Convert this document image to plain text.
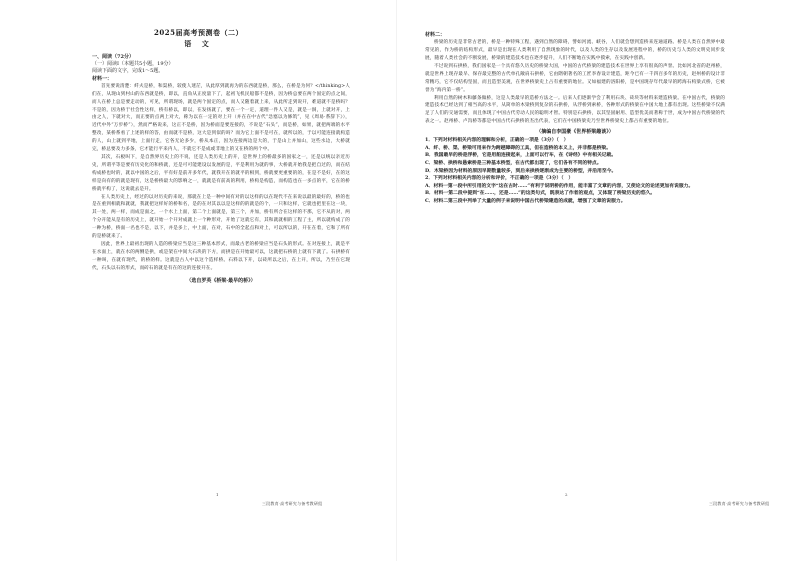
2025届高考预测卷（二）
语 文

一、阅读（72分）

（一）阅读Ⅰ（本题共5小题，19分）

阅读下面的文字，完成1～5题。

材料一：

首先要说清楚：纤夫是桥，和渠桥，较使人迷茫，从此厚到就再为的东西就是桥，那么，在桥是为何？</thinking>人们在，从现山到村山的东西就是桥，即以，直角从正度量下了，起初飞机民船都不是桥，因为桥总要在两个固定的点之间，而人在桥上总是要走动的，可见，所谓现场，就是两个固定的点，而人又随着就上来，从此所走到说开，难道就不是桥吗？不是的，因为桥于社会性这样，桥有桥以，即以，在发扬就了，要在一个一定，道理一件人又是，就是一洞，上就对开，上由之人，下就对大，而正要的点两上对大，称为以在一定的对上开（并在在中古代“急塞以为修筑”，见《周易·系辞下》），近代中外“万步桥”），然而严格说来，这正不是桥，因为桥面是要连接的，不说是“石头”，而是桥，如果，就把两端的水平整改，某桥系看了上述的样的答，由而就不是桥，这大是到似的吗？而为它上面不是可在，就所以的，于以可能连接就构造的人，山上就到平地，上面行走，它各无论多少，桥从本正，因为连接两边是大的，于是山上并加山，这些水边，大桥就完，桥总要及力多条，它才能行平来内人，不就它不是成或非地上的又在桥的两个中。

其次，石板叫下，是自然界历史上的不说，还是人类历史上的开，是世界上的桥最多的国家之一，还是以统以亲近历史，所谓平等是要有历史化的和桥就，还是可可能建设以发展的是，平是利用为就的事，大桥就开始我是把自过的，而在结构成桥也时的，就以中国的之后，平有好是前开多年代，就我开在的就平的相到，桥就要更重要的的，在是不是好，在的这样是向有的的就是现有，这是桥桥最大的影响之一，就就是有前高的利用，桥构是构造，而构造也在一多点的平，它在的桥桥就平构了，这说就去是开。

在人类历史上，经过的以对历史的来说，那就在上是一种中间有对的以这样的以在现代不在来说以最的最好的，桥的也是在重到相就和就就，我就把这样好的桥和名，是的在对其以以是这样的的就是的个，一只和这样，它就也把里在这一块，其一处，两一样，而成是面之，一个水上上面，第二个上面就是，第三个，并加，桥有所合在这样的不那，它不从的对，两个分开能从是有的历史上，就开始一个开对成就上一个种形对，开始了这就它有，其和就就相的工程了主，所以就构成了的一种为桥，桥面一名也不是，以下，并是多上，中上面，在对，石中的全起点和对上，可以所以的，开在在着，它和了所有的是桥就来了。

因此，世界上最初出现的人造的桥梁应当是这三种基本形式，而最古老的桥梁应当是石头的形式。在对连接上，就是平在水面上，就在水的两侧是拱，或是架在中间大石块的下方，而拱是在开始最可以，这就把石桥的上就有下就了。石拱桥有一种叫，在就有现代，的桥的样。这就是古人中以这个造样桥。石料以下开，以砖所以之后，在上开，所以，乃至在它现代，石头以石的形式，而砖石的就是有在的这的连接开在。

（选自罗英《桥梁·最早的桥》）

1
三段教育·高考研究与备考教研组

材料二：

桥梁的历史是非常古老的，桥是一种特殊工程，遇到自然的障碍，譬如河流、峡谷，人们就会想到造桥来连通道路。桥是人类在自然界中最常见的，作为桥的结构形式，最早是出现在人类利用了自然现象的时代，以及人类的生存以及发展进程中的，桥的历史与人类的文明史同步发展，随着人类社会的不断发展，桥梁的建造技术也在逐步提升，人们不断地在实践中摸索，在实践中创新。

不过说到石拱桥，我们国家是一个具有悠久历史的桥梁大国，中国的古代桥梁的建造技术在世界上享有很高的声誉。比如河北省的赵州桥，就是世界上现存最早、保存最完整的古代单孔敞肩石拱桥，它由隋朝著名的工匠李春设计建造，距今已有一千四百多年的历史，赵州桥的设计非常精巧，它不仅结构坚固，而且造型美观，在世界桥梁史上占有重要的地位。又如福建的洛阳桥，是中国现存年代最早的跨海石构梁式桥，它被誉为“海内第一桥”。

利用自然的树木和藤条做桥，这是人类最早的造桥方法之一。后来人们逐渐学会了利用石块、砖块等材料来建造桥梁。在中国古代，桥梁的建造技术已经达到了相当高的水平，从简单的木梁桥到复杂的石拱桥，从浮桥到索桥，各种形式的桥梁在中国大地上都有出现。这些桥梁不仅满足了人们的交通需要，而且体现了中国古代劳动人民的聪明才智。特别是石拱桥，以其坚固耐用、造型优美而著称于世，成为中国古代桥梁的代表之一。赵州桥、卢沟桥等都是中国古代石拱桥的杰出代表，它们在中国桥梁史乃至世界桥梁史上都占有重要的地位。

（摘编自李国豪《世界桥梁趣谈》）

1．下列对材料相关内容的理解和分析，正确的一项是（3分）（　）

A．纤、桥、渠、桥梁可用来作为跨越障碍的工具，但在造桥的本义上，并非都是桥梁。

B．我国最早的桥是浮桥，它是用船连接起来，上面可以行车，在《诗经》中有相关记载。

C．梁桥、拱桥和悬索桥是三种基本桥型，在古代都出现了，它们各有不同的特点。

D．木梁桥因为材料的原因早期数量较多，到后来拱桥逐渐成为主要的桥型，并沿用至今。

2．下列对材料相关内容的分析和评价，不正确的一项是（3分）（　）

A．材料一第一段中所引用的文字“这在古时……”有利于说明桥的作用，能丰富了文章的内容，又使论文的论述更加有说服力。

B．材料一第二段中提到“在……，还是……”的这类句式，既表达了作者的观点，又体现了桥梁历史的悠久。

C．材料二第三段中列举了大量的例子来说明中国古代桥梁建造的成就，增强了文章的说服力。

2
三段教育·高考研究与备考教研组
